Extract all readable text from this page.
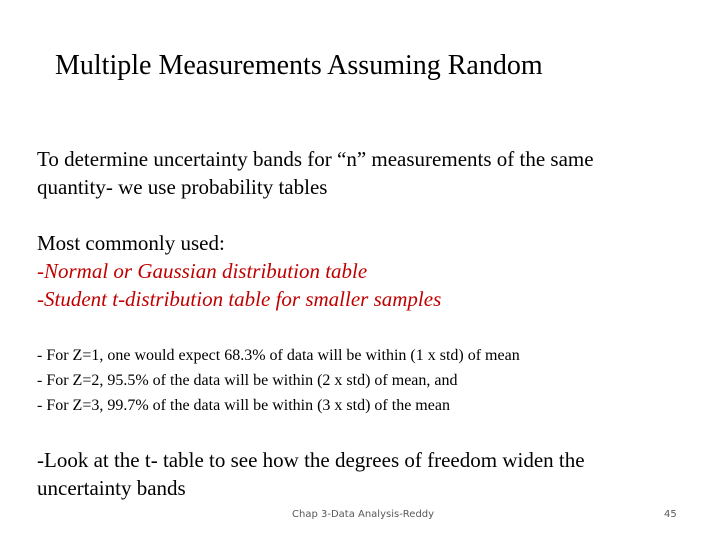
Multiple Measurements Assuming Random
To determine uncertainty bands for “n” measurements of the same
quantity- we use probability tables
Most commonly used:
-Normal or Gaussian distribution table
-Student t-distribution table for smaller samples
- For Z=1, one would expect 68.3% of data will be within (1 x std) of mean
- For Z=2, 95.5% of the data will be within (2 x std) of mean, and
- For Z=3, 99.7% of the data will be within (3 x std) of the mean
-Look at the t- table to see how the degrees of freedom widen the
uncertainty bands
Chap 3-Data Analysis-Reddy	45
